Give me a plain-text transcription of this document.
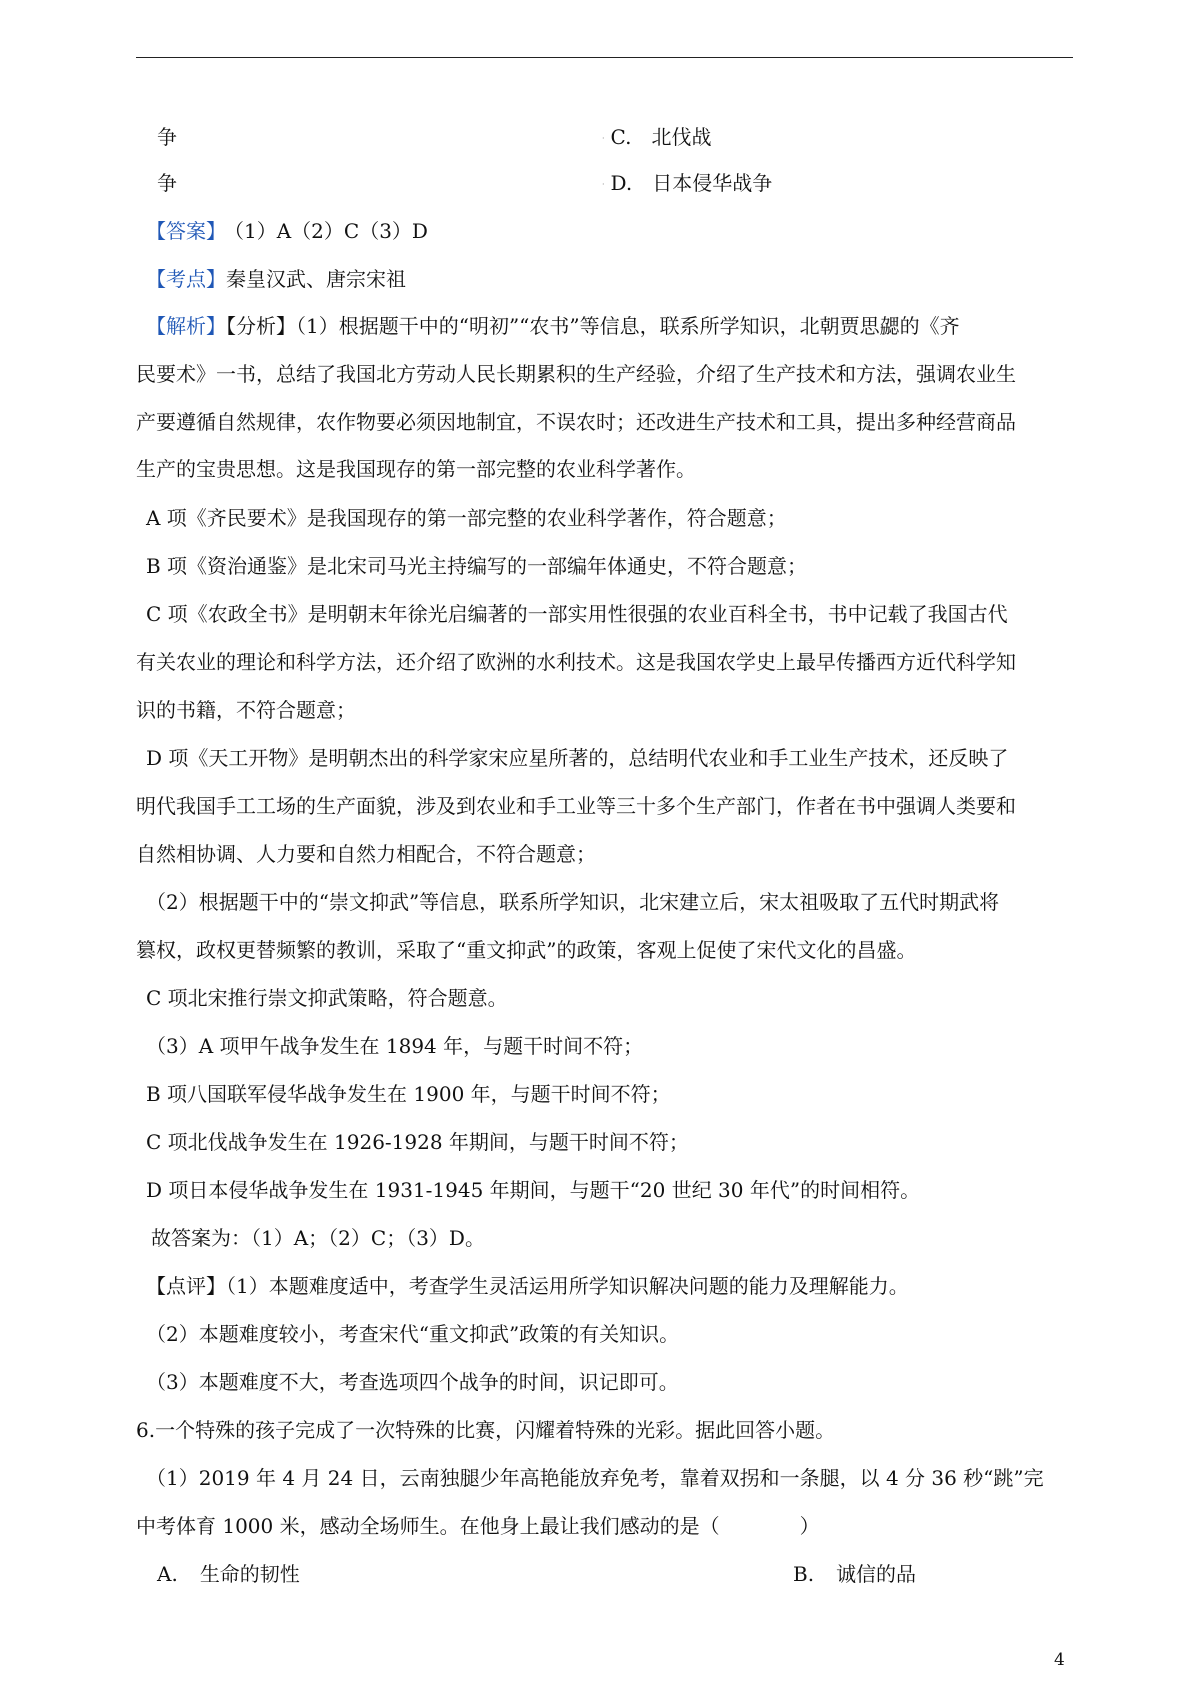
争	· C. 北伐战
争	· D. 日本侵华战争
【答案】 （1）A（2）C（3）D
【考点】秦皇汉武、唐宗宋祖
【解析】【分析】（1）根据题干中的“明初”“农书”等信息，联系所学知识，北朝贾思勰的《齐
民要术》一书，总结了我国北方劳动人民长期累积的生产经验，介绍了生产技术和方法，强调农业生
产要遵循自然规律，农作物要必须因地制宜，不误农时；还改进生产技术和工具，提出多种经营商品
生产的宝贵思想。这是我国现存的第一部完整的农业科学著作。
A 项《齐民要术》是我国现存的第一部完整的农业科学著作，符合题意；
B 项《资治通鉴》是北宋司马光主持编写的一部编年体通史，不符合题意；
C 项《农政全书》是明朝末年徐光启编著的一部实用性很强的农业百科全书，书中记载了我国古代
有关农业的理论和科学方法，还介绍了欧洲的水利技术。这是我国农学史上最早传播西方近代科学知
识的书籍，不符合题意；
D 项《天工开物》是明朝杰出的科学家宋应星所著的，总结明代农业和手工业生产技术，还反映了
明代我国手工工场的生产面貌，涉及到农业和手工业等三十多个生产部门，作者在书中强调人类要和
自然相协调、人力要和自然力相配合，不符合题意；
（2）根据题干中的“崇文抑武”等信息，联系所学知识，北宋建立后，宋太祖吸取了五代时期武将
篡权，政权更替频繁的教训，采取了“重文抑武”的政策，客观上促使了宋代文化的昌盛。
C 项北宋推行崇文抑武策略，符合题意。
（3）A 项甲午战争发生在 1894 年，与题干时间不符；
B 项八国联军侵华战争发生在 1900 年，与题干时间不符；
C 项北伐战争发生在 1926-1928 年期间，与题干时间不符；
D 项日本侵华战争发生在 1931-1945 年期间，与题干“20 世纪 30 年代”的时间相符。
故答案为：（1）A；（2）C；（3）D。
【点评】（1）本题难度适中，考查学生灵活运用所学知识解决问题的能力及理解能力。
（2）本题难度较小，考查宋代“重文抑武”政策的有关知识。
（3）本题难度不大，考查选项四个战争的时间，识记即可。
6.一个特殊的孩子完成了一次特殊的比赛，闪耀着特殊的光彩。据此回答小题。
（1）2019 年 4 月 24 日，云南独腿少年高艳能放弃免考，靠着双拐和一条腿，以 4 分 36 秒“跳”完
中考体育 1000 米，感动全场师生。在他身上最让我们感动的是（　　　　）
A. 生命的韧性	B. 诚信的品
4
